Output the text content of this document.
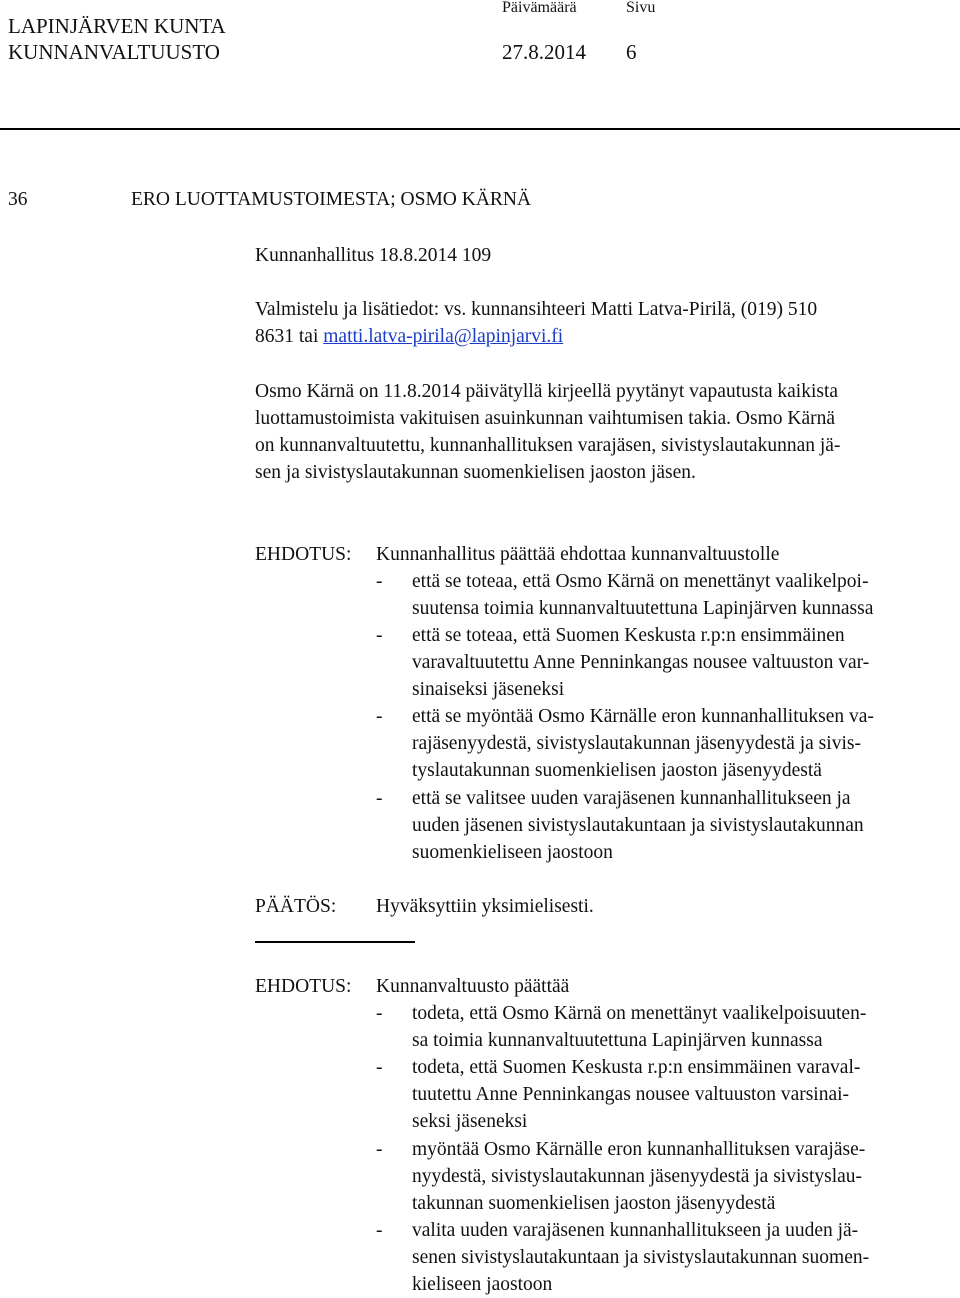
LAPINJÄRVEN KUNTA
KUNNANVALTUUSTO
Päivämäärä	Sivu
27.8.2014 6
36	ERO LUOTTAMUSTOIMESTA; OSMO KÄRNÄ
Kunnanhallitus 18.8.2014 109
Valmistelu ja lisätiedot: vs. kunnansihteeri Matti Latva-Pirilä, (019) 510
8631 tai matti.latva-pirila@lapinjarvi.fi
Osmo Kärnä on 11.8.2014 päivätyllä kirjeellä pyytänyt vapautusta kaikista
luottamustoimista vakituisen asuinkunnan vaihtumisen takia. Osmo Kärnä
on kunnanvaltuutettu, kunnanhallituksen varajäsen, sivistyslautakunnan jä-
sen ja sivistyslautakunnan suomenkielisen jaoston jäsen.
EHDOTUS: Kunnanhallitus päättää ehdottaa kunnanvaltuustolle
- että se toteaa, että Osmo Kärnä on menettänyt vaalikelpoi-
suutensa toimia kunnanvaltuutettuna Lapinjärven kunnassa
- että se toteaa, että Suomen Keskusta r.p:n ensimmäinen
varavaltuutettu Anne Penninkangas nousee valtuuston var-
sinaiseksi jäseneksi
- että se myöntää Osmo Kärnälle eron kunnanhallituksen va-
rajäsenyydestä, sivistyslautakunnan jäsenyydestä ja sivis-
tyslautakunnan suomenkielisen jaoston jäsenyydestä
- että se valitsee uuden varajäsenen kunnanhallitukseen ja
uuden jäsenen sivistyslautakuntaan ja sivistyslautakunnan
suomenkieliseen jaostoon
PÄÄTÖS: Hyväksyttiin yksimielisesti.
EHDOTUS: Kunnanvaltuusto päättää
- todeta, että Osmo Kärnä on menettänyt vaalikelpoisuuten-
sa toimia kunnanvaltuutettuna Lapinjärven kunnassa
- todeta, että Suomen Keskusta r.p:n ensimmäinen varaval-
tuutettu Anne Penninkangas nousee valtuuston varsinai-
seksi jäseneksi
- myöntää Osmo Kärnälle eron kunnanhallituksen varajäse-
nyydestä, sivistyslautakunnan jäsenyydestä ja sivistyslau-
takunnan suomenkielisen jaoston jäsenyydestä
- valita uuden varajäsenen kunnanhallitukseen ja uuden jä-
senen sivistyslautakuntaan ja sivistyslautakunnan suomen-
kieliseen jaostoon
